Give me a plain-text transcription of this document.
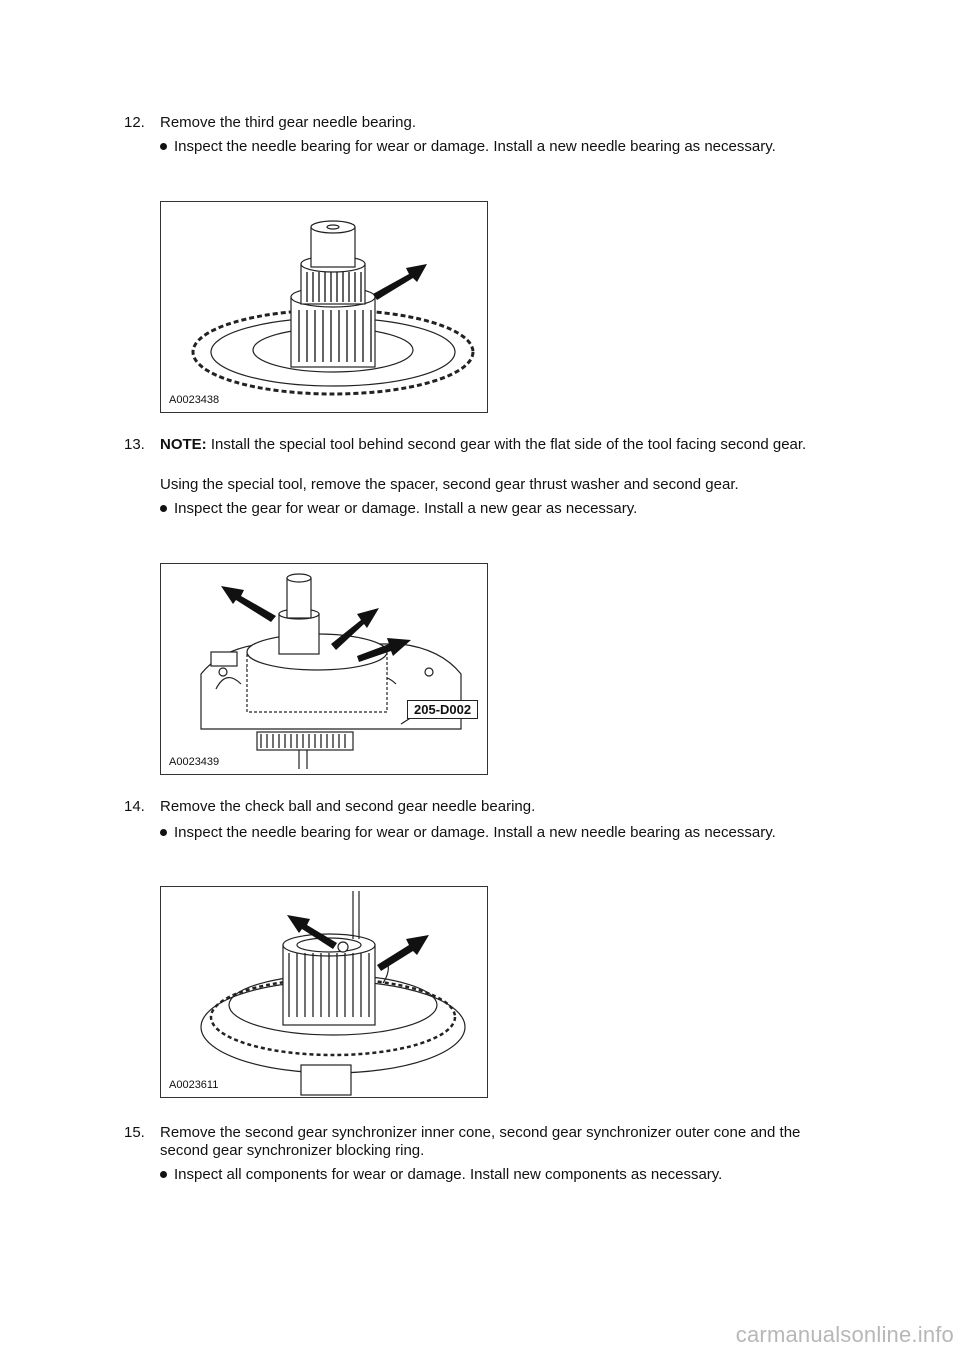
12. Remove the third gear needle bearing.
Inspect the needle bearing for wear or damage. Install a new needle bearing as necessary.
A0023438
13. NOTE: Install the special tool behind second gear with the flat side of the tool facing second gear.
Using the special tool, remove the spacer, second gear thrust washer and second gear.
Inspect the gear for wear or damage. Install a new gear as necessary.
205-D002
A0023439
14. Remove the check ball and second gear needle bearing.
Inspect the needle bearing for wear or damage. Install a new needle bearing as necessary.
A0023611
15. Remove the second gear synchronizer inner cone, second gear synchronizer outer cone and the second gear synchronizer blocking ring.
Inspect all components for wear or damage. Install new components as necessary.
carmanualsonline.info
